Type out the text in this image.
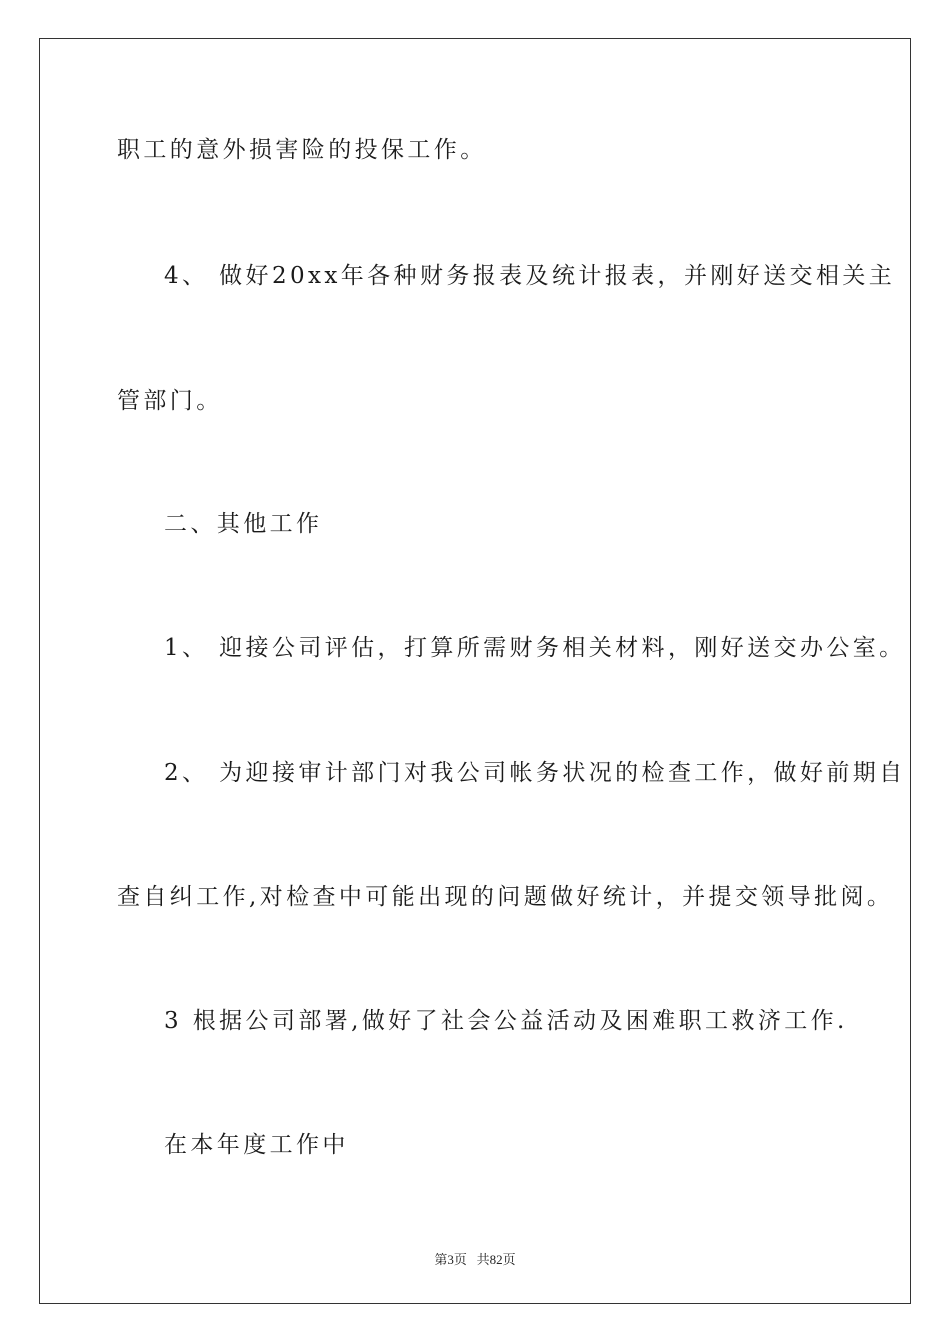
职工的意外损害险的投保工作。
4、 做好20xx年各种财务报表及统计报表，并刚好送交相关主
管部门。
二、其他工作
1、 迎接公司评估，打算所需财务相关材料，刚好送交办公室。
2、 为迎接审计部门对我公司帐务状况的检查工作，做好前期自
查自纠工作,对检查中可能出现的问题做好统计，并提交领导批阅。
3 根据公司部署,做好了社会公益活动及困难职工救济工作.
在本年度工作中
第3页 共82页
